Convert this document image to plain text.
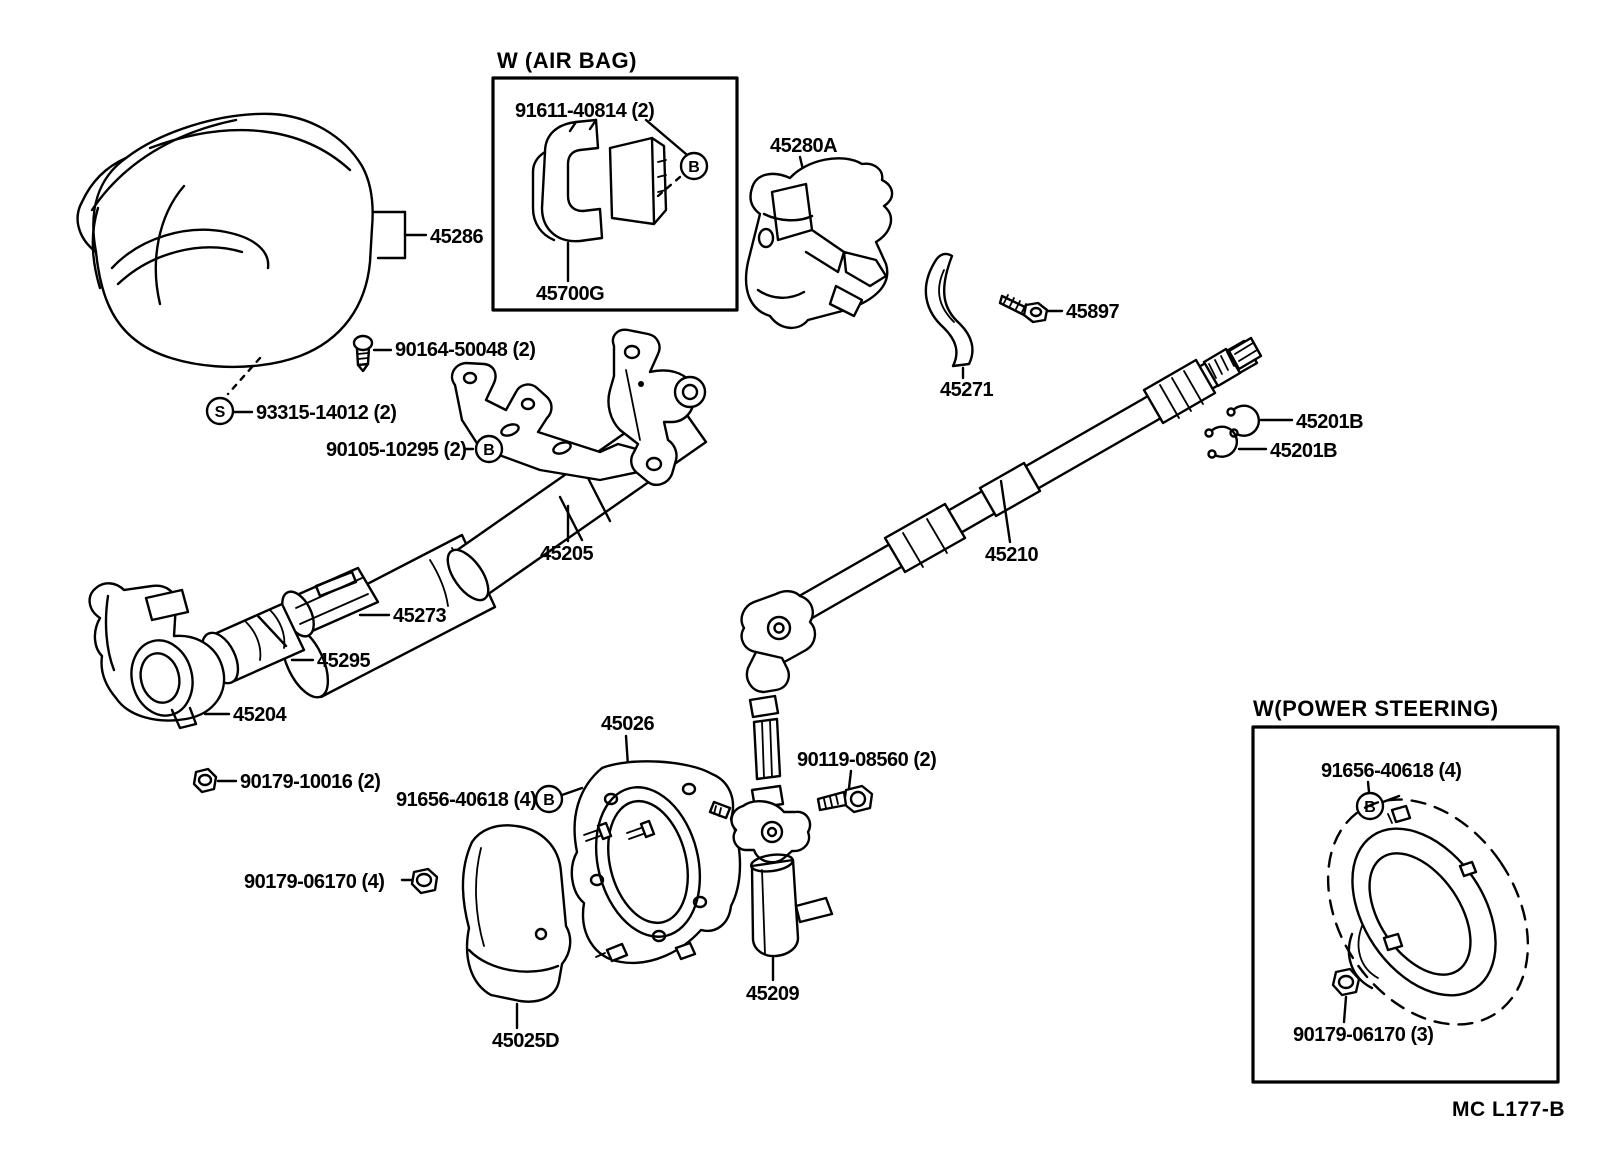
45286
90164-50048 (2)
S 93315-14012 (2)
W (AIR BAG)
91611-40814 (2)
B
45700G
45280A
45271
45897
45205
90105-10295 (2) B
45273
45295
45204
90179-10016 (2)
45210
45201B
45201B
45026
91656-40618 (4) B
90119-08560 (2)
90179-06170 (4)
45025D
45209
W(POWER STEERING)
91656-40618 (4)
B
90179-06170 (3)
MC L177-B
